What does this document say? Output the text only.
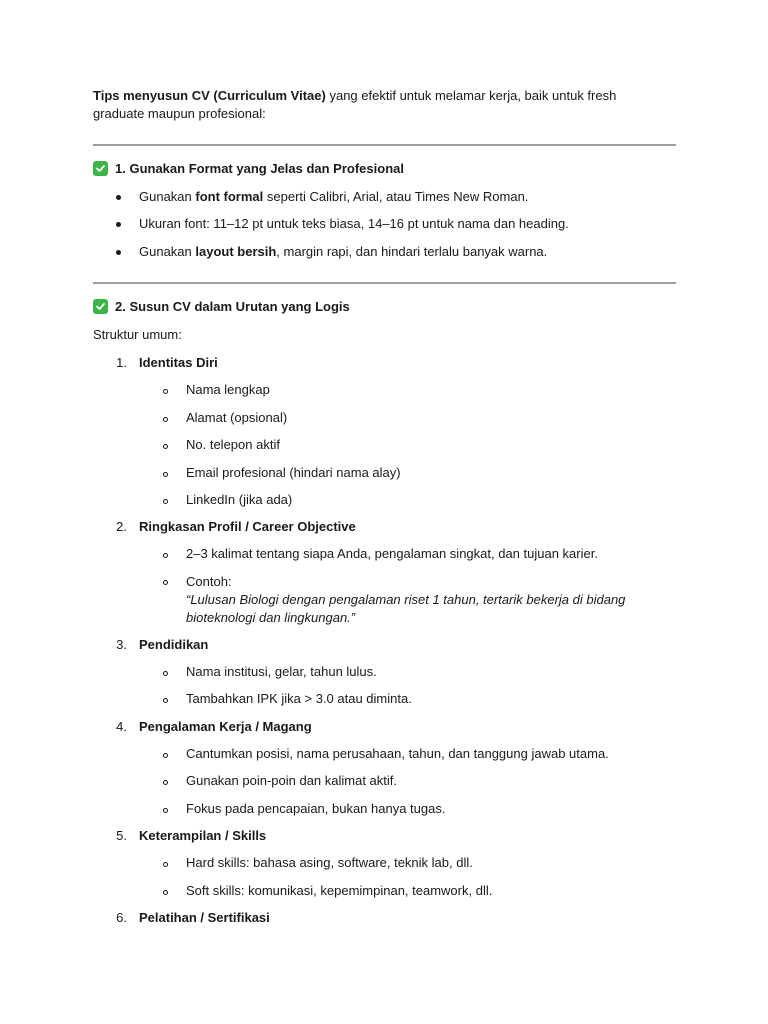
Tips menyusun CV (Curriculum Vitae) yang efektif untuk melamar kerja, baik untuk fresh
graduate maupun profesional:
1. Gunakan Format yang Jelas dan Profesional
Gunakan font formal seperti Calibri, Arial, atau Times New Roman.
Ukuran font: 11–12 pt untuk teks biasa, 14–16 pt untuk nama dan heading.
Gunakan layout bersih, margin rapi, dan hindari terlalu banyak warna.
2. Susun CV dalam Urutan yang Logis
Struktur umum:
1. Identitas Diri
Nama lengkap
Alamat (opsional)
No. telepon aktif
Email profesional (hindari nama alay)
LinkedIn (jika ada)
2. Ringkasan Profil / Career Objective
2–3 kalimat tentang siapa Anda, pengalaman singkat, dan tujuan karier.
Contoh:
“Lulusan Biologi dengan pengalaman riset 1 tahun, tertarik bekerja di bidang
bioteknologi dan lingkungan.”
3. Pendidikan
Nama institusi, gelar, tahun lulus.
Tambahkan IPK jika > 3.0 atau diminta.
4. Pengalaman Kerja / Magang
Cantumkan posisi, nama perusahaan, tahun, dan tanggung jawab utama.
Gunakan poin-poin dan kalimat aktif.
Fokus pada pencapaian, bukan hanya tugas.
5. Keterampilan / Skills
Hard skills: bahasa asing, software, teknik lab, dll.
Soft skills: komunikasi, kepemimpinan, teamwork, dll.
6. Pelatihan / Sertifikasi
